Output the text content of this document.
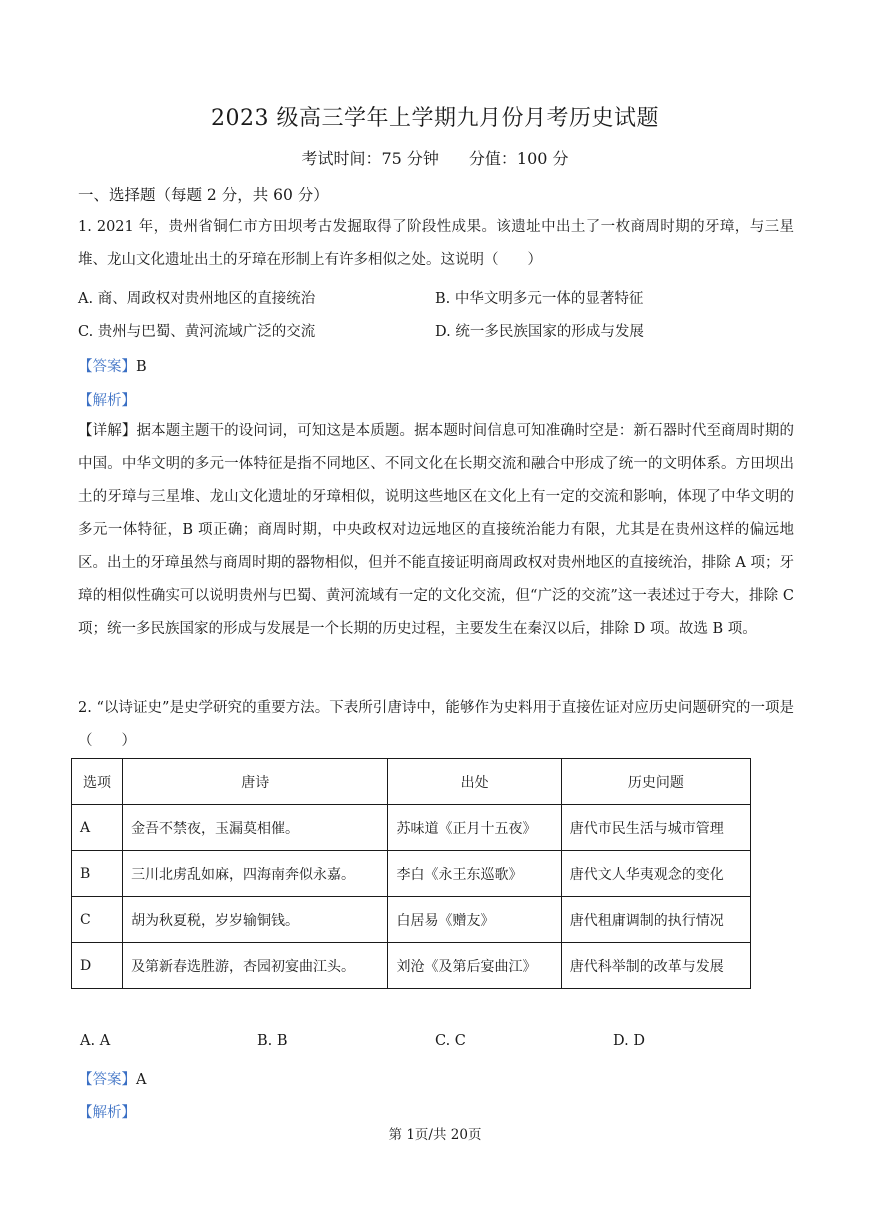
2023 级高三学年上学期九月份月考历史试题
考试时间：75 分钟 分值：100 分
一、选择题（每题 2 分，共 60 分）
1. 2021 年，贵州省铜仁市方田坝考古发掘取得了阶段性成果。该遗址中出土了一枚商周时期的牙璋，与三星堆、龙山文化遗址出土的牙璋在形制上有许多相似之处。这说明（　　）
A. 商、周政权对贵州地区的直接统治	B. 中华文明多元一体的显著特征
C. 贵州与巴蜀、黄河流域广泛的交流	D. 统一多民族国家的形成与发展
【答案】B
【解析】
【详解】据本题主题干的设问词，可知这是本质题。据本题时间信息可知准确时空是：新石器时代至商周时期的中国。中华文明的多元一体特征是指不同地区、不同文化在长期交流和融合中形成了统一的文明体系。方田坝出土的牙璋与三星堆、龙山文化遗址的牙璋相似，说明这些地区在文化上有一定的交流和影响，体现了中华文明的多元一体特征，B 项正确；商周时期，中央政权对边远地区的直接统治能力有限，尤其是在贵州这样的偏远地区。出土的牙璋虽然与商周时期的器物相似，但并不能直接证明商周政权对贵州地区的直接统治，排除 A 项；牙璋的相似性确实可以说明贵州与巴蜀、黄河流域有一定的文化交流，但“广泛的交流”这一表述过于夸大，排除 C 项；统一多民族国家的形成与发展是一个长期的历史过程，主要发生在秦汉以后，排除 D 项。故选 B 项。
2. “以诗证史”是史学研究的重要方法。下表所引唐诗中，能够作为史料用于直接佐证对应历史问题研究的一项是（　　）
选项	唐诗	出处	历史问题
A	金吾不禁夜，玉漏莫相催。	苏味道《正月十五夜》	唐代市民生活与城市管理
B	三川北虏乱如麻，四海南奔似永嘉。	李白《永王东巡歌》	唐代文人华夷观念的变化
C	胡为秋夏税，岁岁输铜钱。	白居易《赠友》	唐代租庸调制的执行情况
D	及第新春选胜游，杏园初宴曲江头。	刘沧《及第后宴曲江》	唐代科举制的改革与发展
A. A	B. B	C. C	D. D
【答案】A
【解析】
第 1页/共 20页
